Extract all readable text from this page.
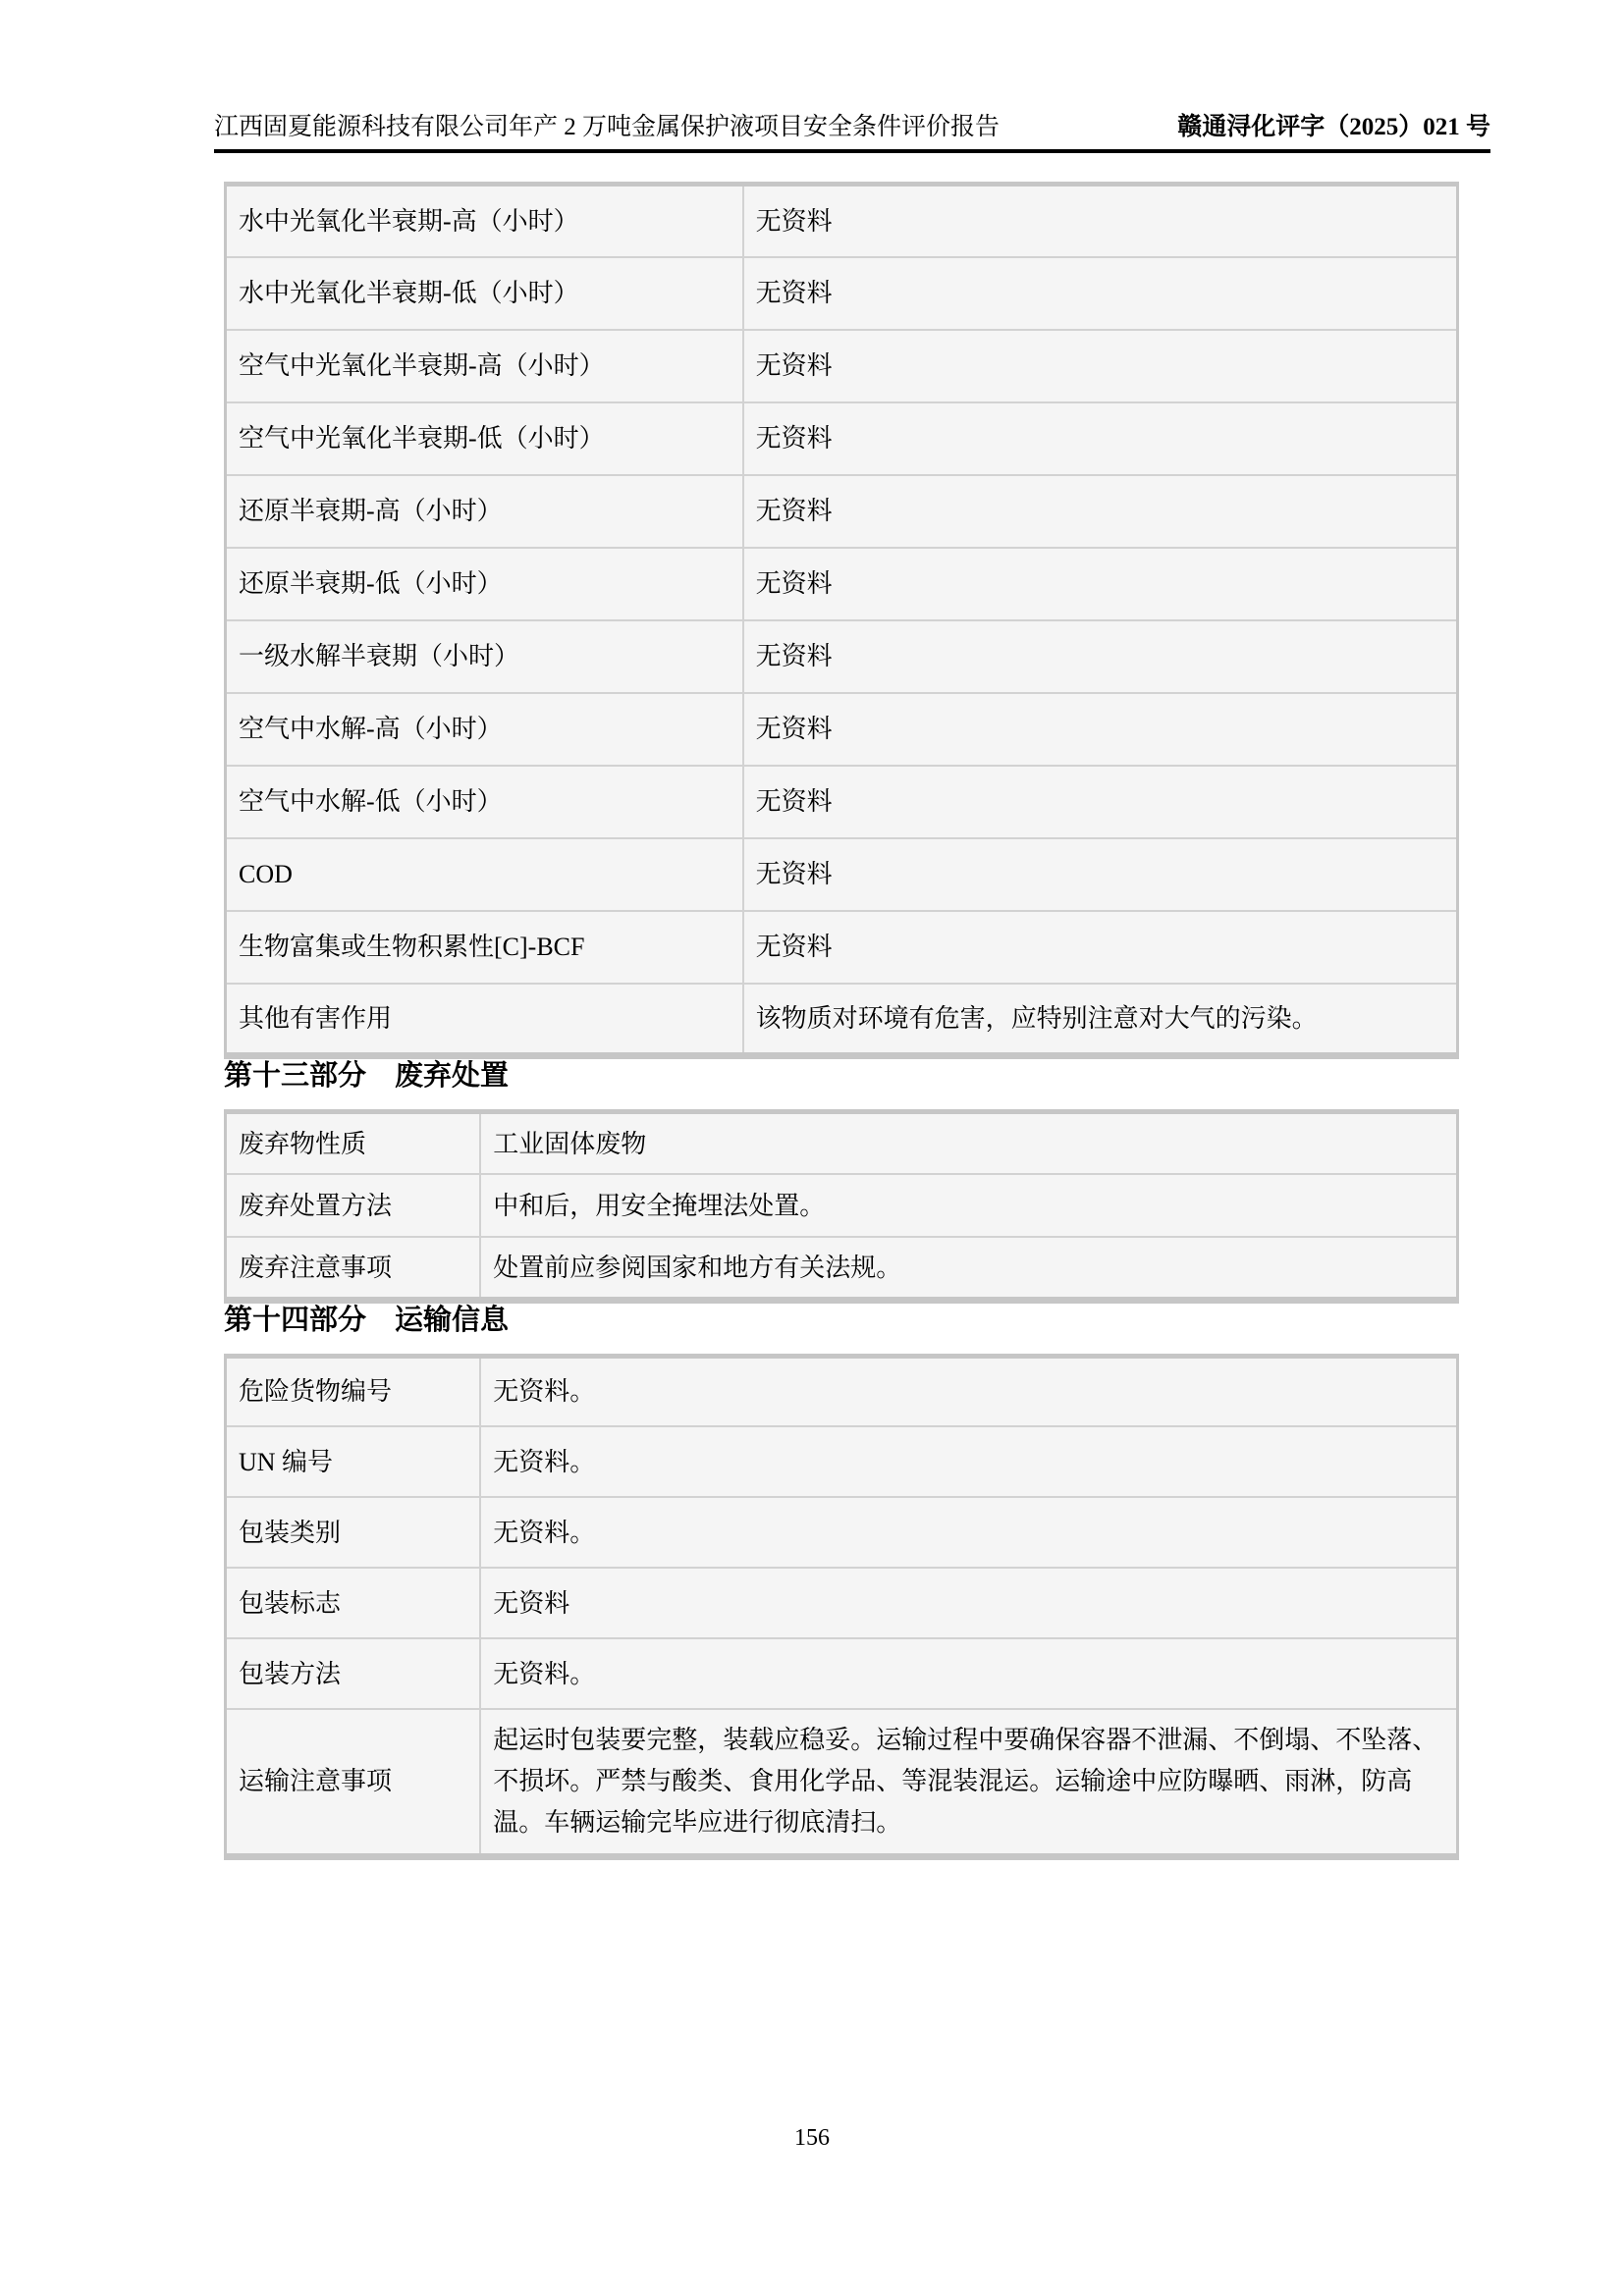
江西固夏能源科技有限公司年产 2 万吨金属保护液项目安全条件评价报告	赣通浔化评字（2025）021 号
水中光氧化半衰期-高（小时）	无资料
水中光氧化半衰期-低（小时）	无资料
空气中光氧化半衰期-高（小时）	无资料
空气中光氧化半衰期-低（小时）	无资料
还原半衰期-高（小时）	无资料
还原半衰期-低（小时）	无资料
一级水解半衰期（小时）	无资料
空气中水解-高（小时）	无资料
空气中水解-低（小时）	无资料
COD	无资料
生物富集或生物积累性[C]-BCF	无资料
其他有害作用	该物质对环境有危害，应特别注意对大气的污染。
第十三部分　废弃处置
废弃物性质	工业固体废物
废弃处置方法	中和后，用安全掩埋法处置。
废弃注意事项	处置前应参阅国家和地方有关法规。
第十四部分　运输信息
危险货物编号	无资料。
UN 编号	无资料。
包装类别	无资料。
包装标志	无资料
包装方法	无资料。
运输注意事项	起运时包装要完整，装载应稳妥。运输过程中要确保容器不泄漏、不倒塌、不坠落、不损坏。严禁与酸类、食用化学品、等混装混运。运输途中应防曝晒、雨淋，防高温。车辆运输完毕应进行彻底清扫。
156
